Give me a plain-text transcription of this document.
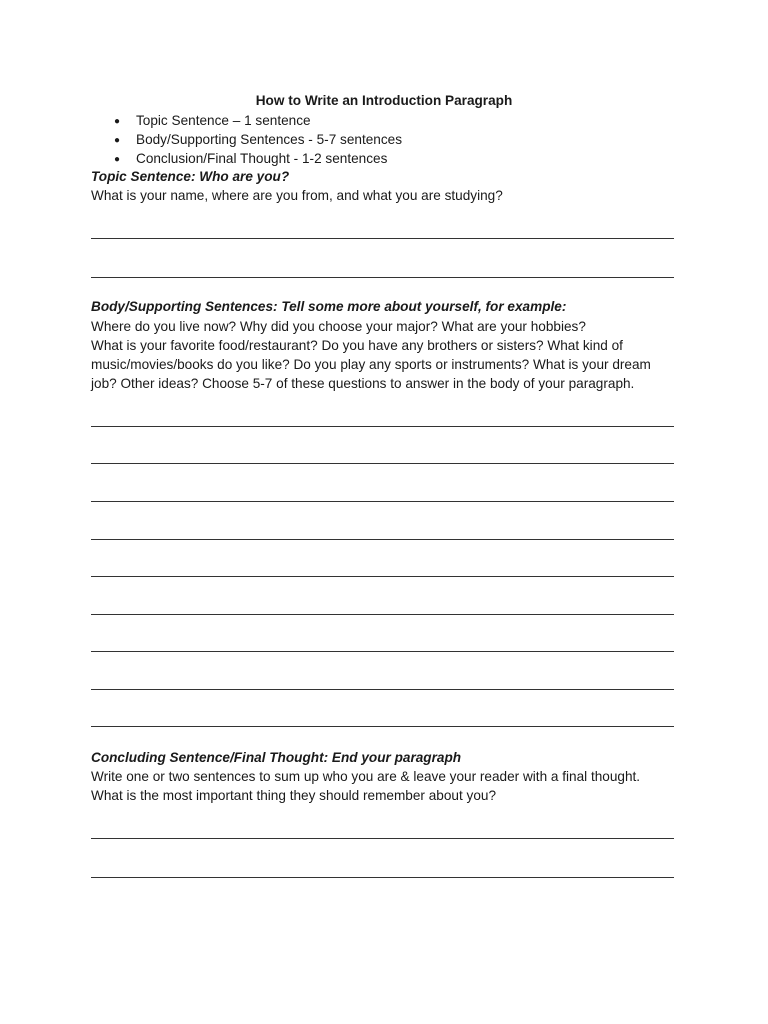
How to Write an Introduction Paragraph
● Topic Sentence – 1 sentence
● Body/Supporting Sentences - 5-7 sentences
● Conclusion/Final Thought - 1-2 sentences
Topic Sentence: Who are you?
What is your name, where are you from, and what you are studying?
Body/Supporting Sentences: Tell some more about yourself, for example:
Where do you live now? Why did you choose your major? What are your hobbies?
What is your favorite food/restaurant? Do you have any brothers or sisters? What kind of
music/movies/books do you like? Do you play any sports or instruments? What is your dream
job? Other ideas? Choose 5-7 of these questions to answer in the body of your paragraph.
Concluding Sentence/Final Thought: End your paragraph
Write one or two sentences to sum up who you are & leave your reader with a final thought.
What is the most important thing they should remember about you?
